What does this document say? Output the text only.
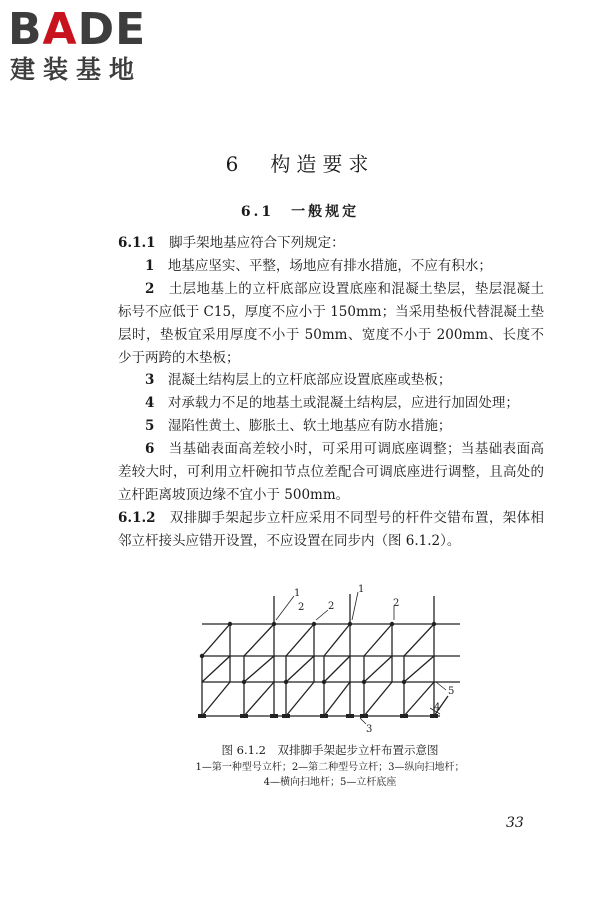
BADE
建装基地
6　 构造要求
6.1　 一般规定

6.1.1　 脚手架地基应符合下列规定：

1　 地基应坚实、平整，场地应有排水措施，不应有积水；

2　 土层地基上的立杆底部应设置底座和混凝土垫层，垫层混凝土标号不应低于 C15，厚度不应小于 150mm；当采用垫板代替混凝土垫层时，垫板宜采用厚度不小于 50mm、宽度不小于 200mm、长度不少于两跨的木垫板；

3　 混凝土结构层上的立杆底部应设置底座或垫板；

4　 对承载力不足的地基土或混凝土结构层，应进行加固处理；

5　 湿陷性黄土、膨胀土、软土地基应有防水措施；

6　 当基础表面高差较小时，可采用可调底座调整；当基础表面高差较大时，可利用立杆碗扣节点位差配合可调底座进行调整，且高处的立杆距离坡顶边缘不宜小于 500mm。

6.1.2　 双排脚手架起步立杆应采用不同型号的杆件交错布置，架体相邻立杆接头应错开设置，不应设置在同步内（图 6.1.2）。

1
2	2
1
2
5
4
3
图 6.1.2　双排脚手架起步立杆布置示意图
1—第一种型号立杆；2—第二种型号立杆；3—纵向扫地杆；
4—横向扫地杆；5—立杆底座
33
